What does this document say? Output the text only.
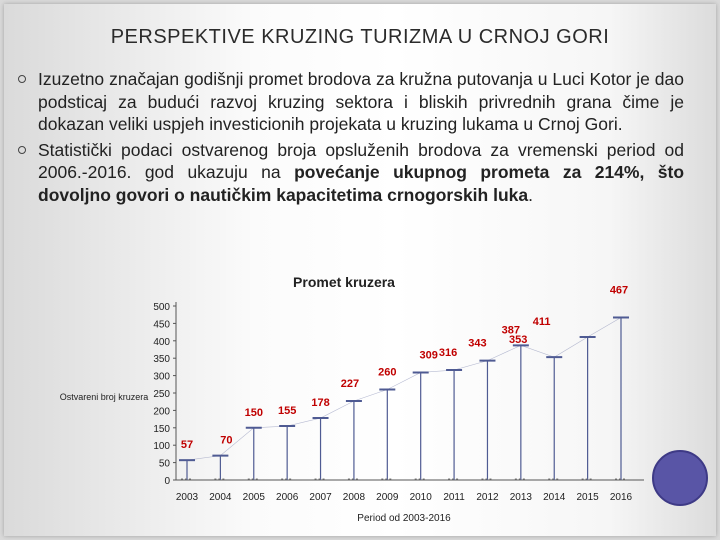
PERSPEKTIVE KRUZING TURIZMA U CRNOJ GORI
Izuzetno značajan godišnji promet brodova za kružna putovanja u Luci Kotor je dao podsticaj za budući razvoj kruzing sektora i bliskih privrednih grana čime je dokazan veliki uspjeh investicionih projekata u kruzing lukama u Crnoj Gori.
Statistički podaci ostvarenog broja opsluženih brodova za vremenski period od 2006.-2016. god ukazuju na povećanje ukupnog prometa za 214%, što dovoljno govori o nautičkim kapacitetima crnogorskih luka.
Promet kruzera
0
50
100
150
200
250
300
350
400
450
500
Ostvareni broj kruzera
2003 2004 2005 2006 2007 2008 2009 2010 2011 2012 2013 2014 2015 2016
Period od 2003-2016
57 70
150 155
178
227
260
309 316
343
387
353
411
467
